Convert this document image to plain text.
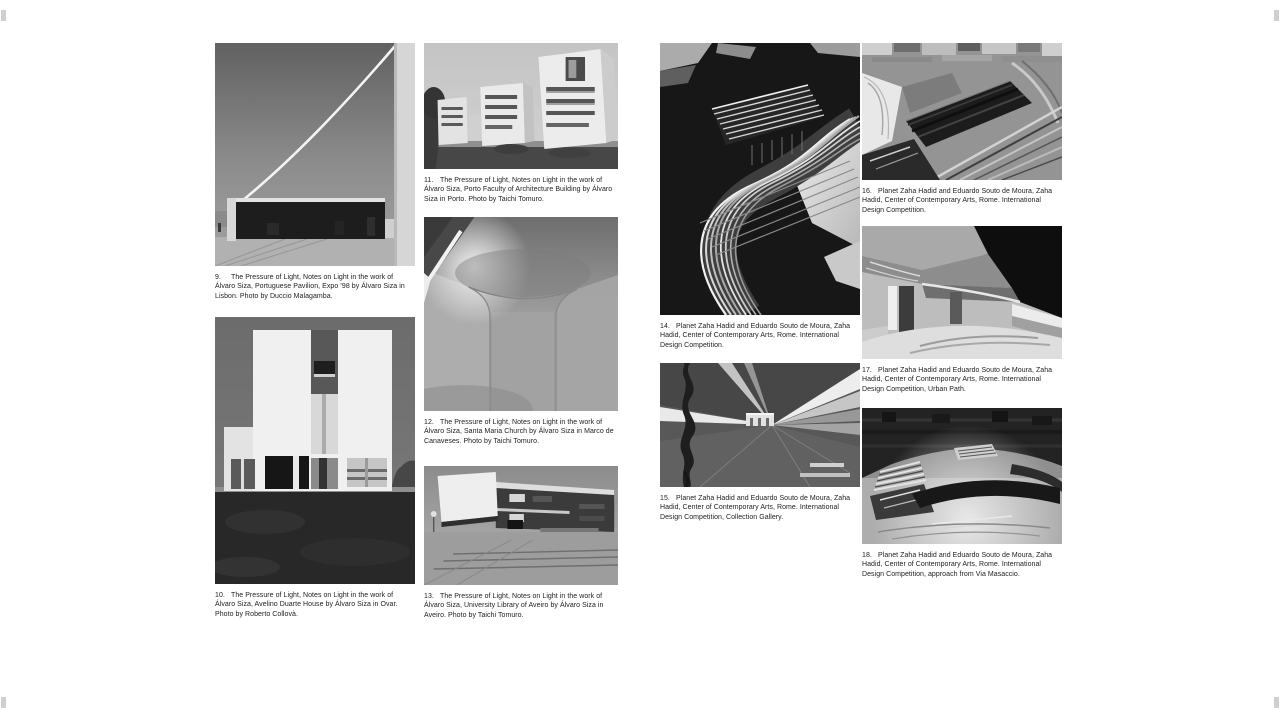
9. The Pressure of Light, Notes on Light in the work of Álvaro Siza, Portuguese Pavilion, Expo ’98 by Álvaro Siza in Lisbon. Photo by Duccio Malagamba.
10. The Pressure of Light, Notes on Light in the work of Álvaro Siza, Avelino Duarte House by Álvaro Siza in Ovar. Photo by Roberto Collovà.
11. The Pressure of Light, Notes on Light in the work of Álvaro Siza, Porto Faculty of Architecture Building by Álvaro Siza in Porto. Photo by Taichi Tomuro.
12. The Pressure of Light, Notes on Light in the work of Álvaro Siza, Santa Maria Church by Álvaro Siza in Marco de Canaveses. Photo by Taichi Tomuro.
13. The Pressure of Light, Notes on Light in the work of Álvaro Siza, University Library of Aveiro by Álvaro Siza in Aveiro. Photo by Taichi Tomuro.
14. Planet Zaha Hadid and Eduardo Souto de Moura, Zaha Hadid, Center of Contemporary Arts, Rome. International Design Competition.
15. Planet Zaha Hadid and Eduardo Souto de Moura, Zaha Hadid, Center of Contemporary Arts, Rome. International Design Competition, Collection Gallery.
16. Planet Zaha Hadid and Eduardo Souto de Moura, Zaha Hadid, Center of Contemporary Arts, Rome. International Design Competition.
17. Planet Zaha Hadid and Eduardo Souto de Moura, Zaha Hadid, Center of Contemporary Arts, Rome. International Design Competition, Urban Path.
18. Planet Zaha Hadid and Eduardo Souto de Moura, Zaha Hadid, Center of Contemporary Arts, Rome. International Design Competition, approach from Via Masaccio.
